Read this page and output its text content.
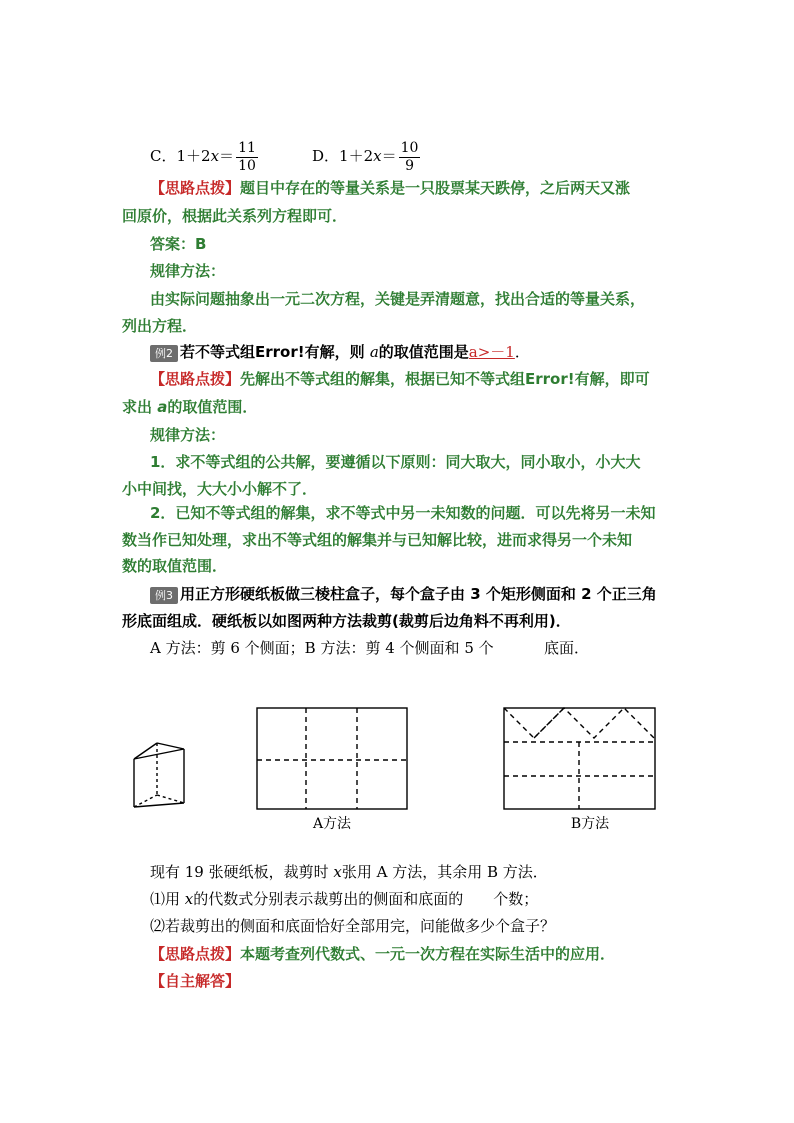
C．$1+2x= \frac{11}{10}$	D．$1+2x= \frac{10}{9}$
【思路点拨】题目中存在的等量关系是一只股票某天跌停，之后两天又涨
回原价，根据此关系列方程即可．
答案：B
规律方法：
由实际问题抽象出一元二次方程，关键是弄清题意，找出合适的等量关系，
列出方程．
例2 若不等式组Error!有解，则 a的取值范围是a>－1．
【思路点拨】先解出不等式组的解集，根据已知不等式组Error!有解，即可
求出 a的取值范围．
规律方法：
1．求不等式组的公共解，要遵循以下原则：同大取大，同小取小，小大大
小中间找，大大小小解不了．
2．已知不等式组的解集，求不等式中另一未知数的问题．可以先将另一未知
数当作已知处理，求出不等式组的解集并与已知解比较，进而求得另一个未知
数的取值范围．
例3 用正方形硬纸板做三棱柱盒子，每个盒子由 3 个矩形侧面和 2 个正三角
形底面组成．硬纸板以如图两种方法裁剪(裁剪后边角料不再利用)．
A 方法：剪 6 个侧面；B 方法：剪 4 个侧面和 5 个	底面．
A方法	B方法
现有 19 张硬纸板，裁剪时 x张用 A 方法，其余用 B 方法．
⑴用 x的代数式分别表示裁剪出的侧面和底面的　　个数；
⑵若裁剪出的侧面和底面恰好全部用完，问能做多少个盒子？
【思路点拨】本题考查列代数式、一元一次方程在实际生活中的应用．
【自主解答】
